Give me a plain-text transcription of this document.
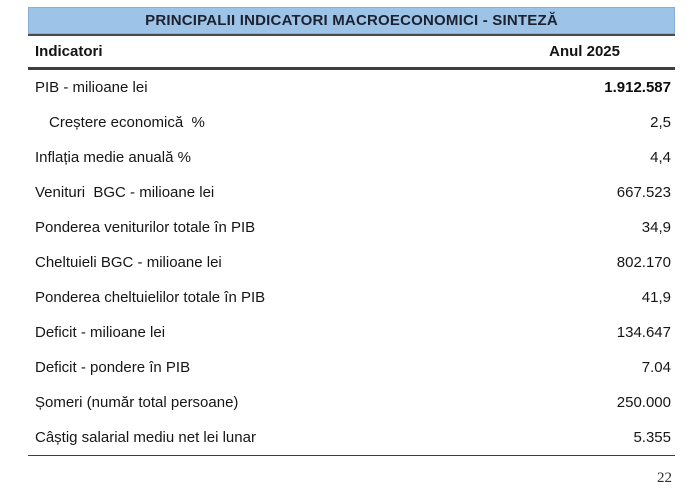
PRINCIPALII INDICATORI MACROECONOMICI - SINTEZĂ
Indicatori	Anul 2025
PIB - milioane lei	1.912.587
Creștere economică  %	2,5
Inflația medie anuală %	4,4
Venituri  BGC - milioane lei	667.523
Ponderea veniturilor totale în PIB	34,9
Cheltuieli BGC - milioane lei	802.170
Ponderea cheltuielilor totale în PIB	41,9
Deficit - milioane lei	134.647
Deficit - pondere în PIB	7.04
Șomeri (număr total persoane)	250.000
Câștig salarial mediu net lei lunar	5.355
22
